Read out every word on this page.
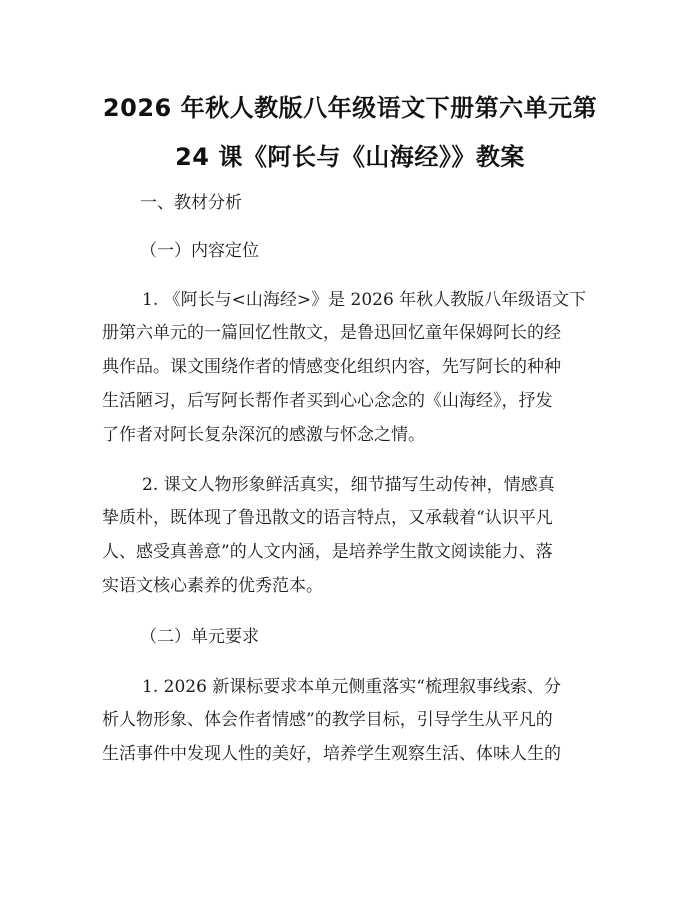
2026 年秋人教版八年级语文下册第六单元第
24 课《阿长与《山海经》》教案
一、教材分析
（一）内容定位
1. 《阿长与<山海经>》是 2026 年秋人教版八年级语文下
册第六单元的一篇回忆性散文，是鲁迅回忆童年保姆阿长的经
典作品。课文围绕作者的情感变化组织内容，先写阿长的种种
生活陋习，后写阿长帮作者买到心心念念的《山海经》，抒发
了作者对阿长复杂深沉的感激与怀念之情。
2. 课文人物形象鲜活真实，细节描写生动传神，情感真
挚质朴，既体现了鲁迅散文的语言特点，又承载着“认识平凡
人、感受真善意”的人文内涵，是培养学生散文阅读能力、落
实语文核心素养的优秀范本。
（二）单元要求
1. 2026 新课标要求本单元侧重落实“梳理叙事线索、分
析人物形象、体会作者情感”的教学目标，引导学生从平凡的
生活事件中发现人性的美好，培养学生观察生活、体味人生的
